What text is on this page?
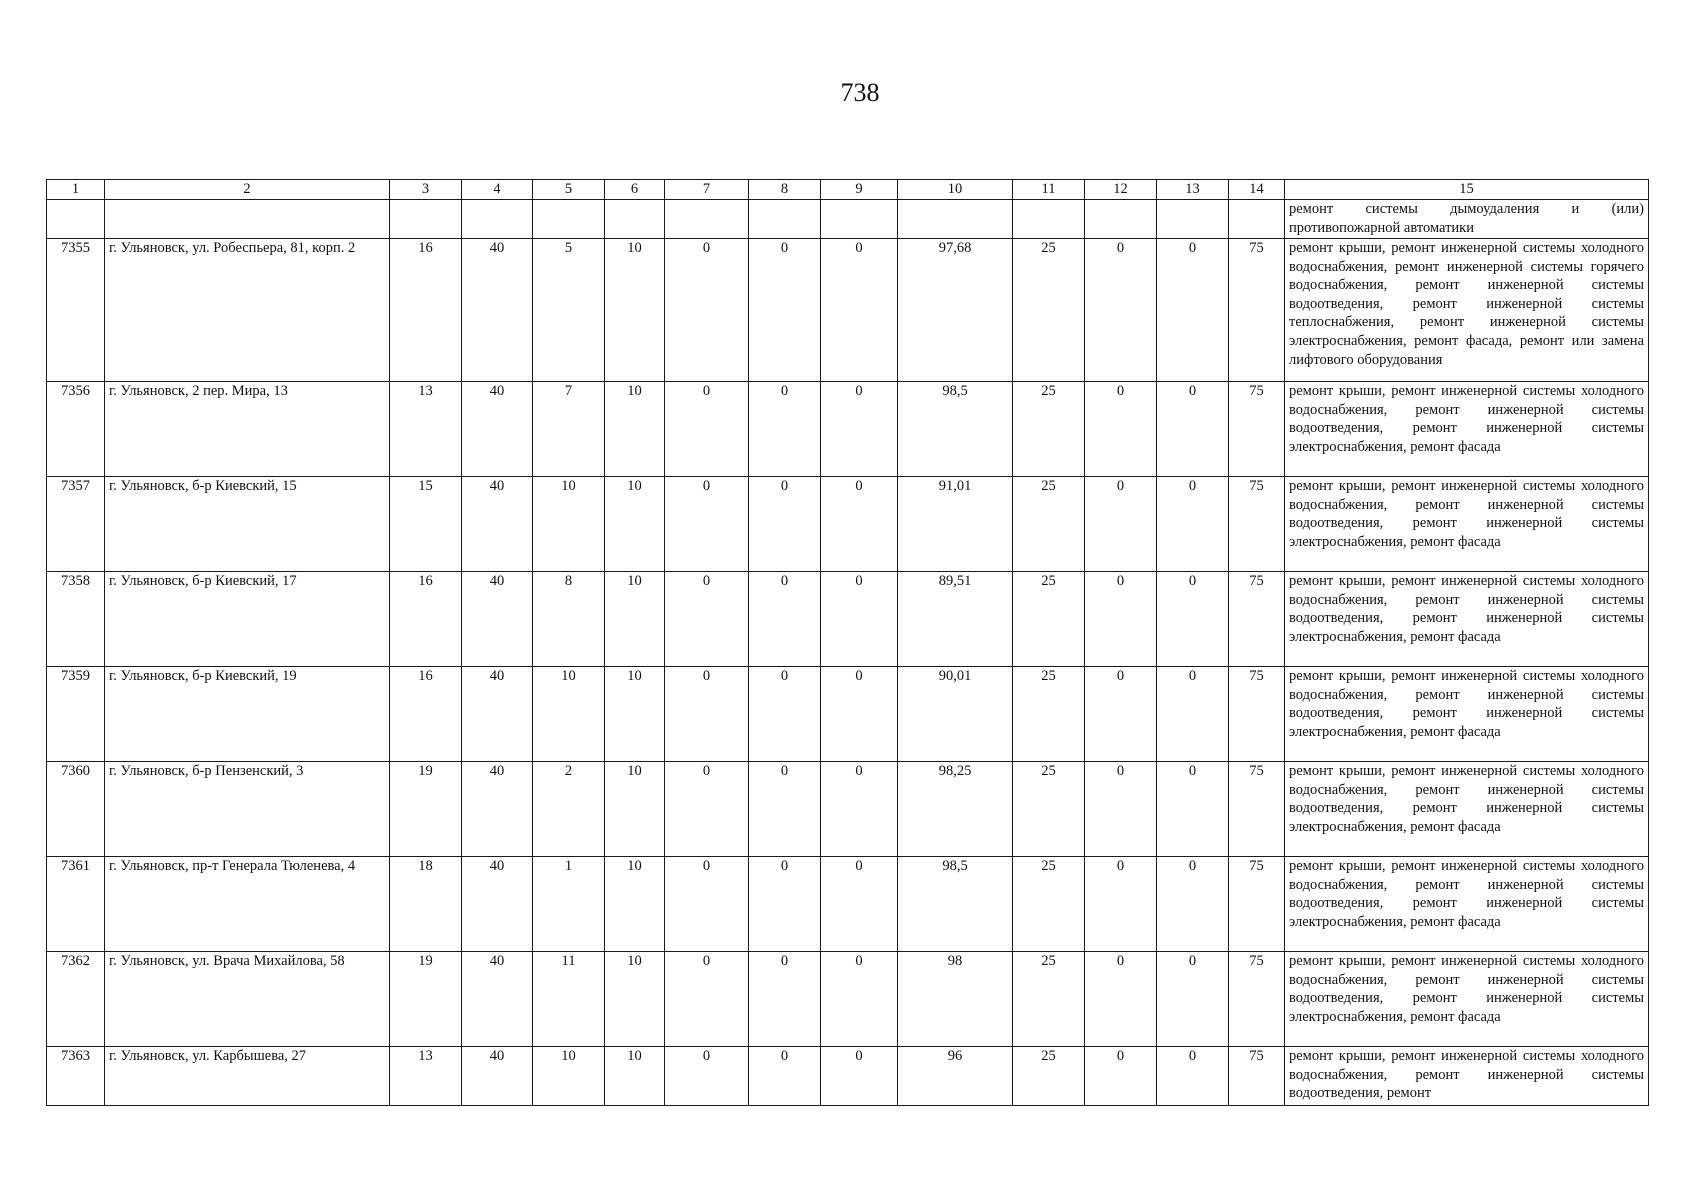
738
1	2	3	4	5	6	7	8	9	10	11	12	13	14	15
														ремонт системы дымоудаления и (или) противопожарной автоматики
7355	г. Ульяновск, ул. Робеспьера, 81, корп. 2	16	40	5	10	0	0	0	97,68	25	0	0	75	ремонт крыши, ремонт инженерной системы холодного водоснабжения, ремонт инженерной системы горячего водоснабжения, ремонт инженерной системы водоотведения, ремонт инженерной системы теплоснабжения, ремонт инженерной системы электроснабжения, ремонт фасада, ремонт или замена лифтового оборудования
7356	г. Ульяновск, 2 пер. Мира, 13	13	40	7	10	0	0	0	98,5	25	0	0	75	ремонт крыши, ремонт инженерной системы холодного водоснабжения, ремонт инженерной системы водоотведения, ремонт инженерной системы электроснабжения, ремонт фасада
7357	г. Ульяновск, б-р Киевский, 15	15	40	10	10	0	0	0	91,01	25	0	0	75	ремонт крыши, ремонт инженерной системы холодного водоснабжения, ремонт инженерной системы водоотведения, ремонт инженерной системы электроснабжения, ремонт фасада
7358	г. Ульяновск, б-р Киевский, 17	16	40	8	10	0	0	0	89,51	25	0	0	75	ремонт крыши, ремонт инженерной системы холодного водоснабжения, ремонт инженерной системы водоотведения, ремонт инженерной системы электроснабжения, ремонт фасада
7359	г. Ульяновск, б-р Киевский, 19	16	40	10	10	0	0	0	90,01	25	0	0	75	ремонт крыши, ремонт инженерной системы холодного водоснабжения, ремонт инженерной системы водоотведения, ремонт инженерной системы электроснабжения, ремонт фасада
7360	г. Ульяновск, б-р Пензенский, 3	19	40	2	10	0	0	0	98,25	25	0	0	75	ремонт крыши, ремонт инженерной системы холодного водоснабжения, ремонт инженерной системы водоотведения, ремонт инженерной системы электроснабжения, ремонт фасада
7361	г. Ульяновск, пр-т Генерала Тюленева, 4	18	40	1	10	0	0	0	98,5	25	0	0	75	ремонт крыши, ремонт инженерной системы холодного водоснабжения, ремонт инженерной системы водоотведения, ремонт инженерной системы электроснабжения, ремонт фасада
7362	г. Ульяновск, ул. Врача Михайлова, 58	19	40	11	10	0	0	0	98	25	0	0	75	ремонт крыши, ремонт инженерной системы холодного водоснабжения, ремонт инженерной системы водоотведения, ремонт инженерной системы электроснабжения, ремонт фасада
7363	г. Ульяновск, ул. Карбышева, 27	13	40	10	10	0	0	0	96	25	0	0	75	ремонт крыши, ремонт инженерной системы холодного водоснабжения, ремонт инженерной системы водоотведения, ремонт
